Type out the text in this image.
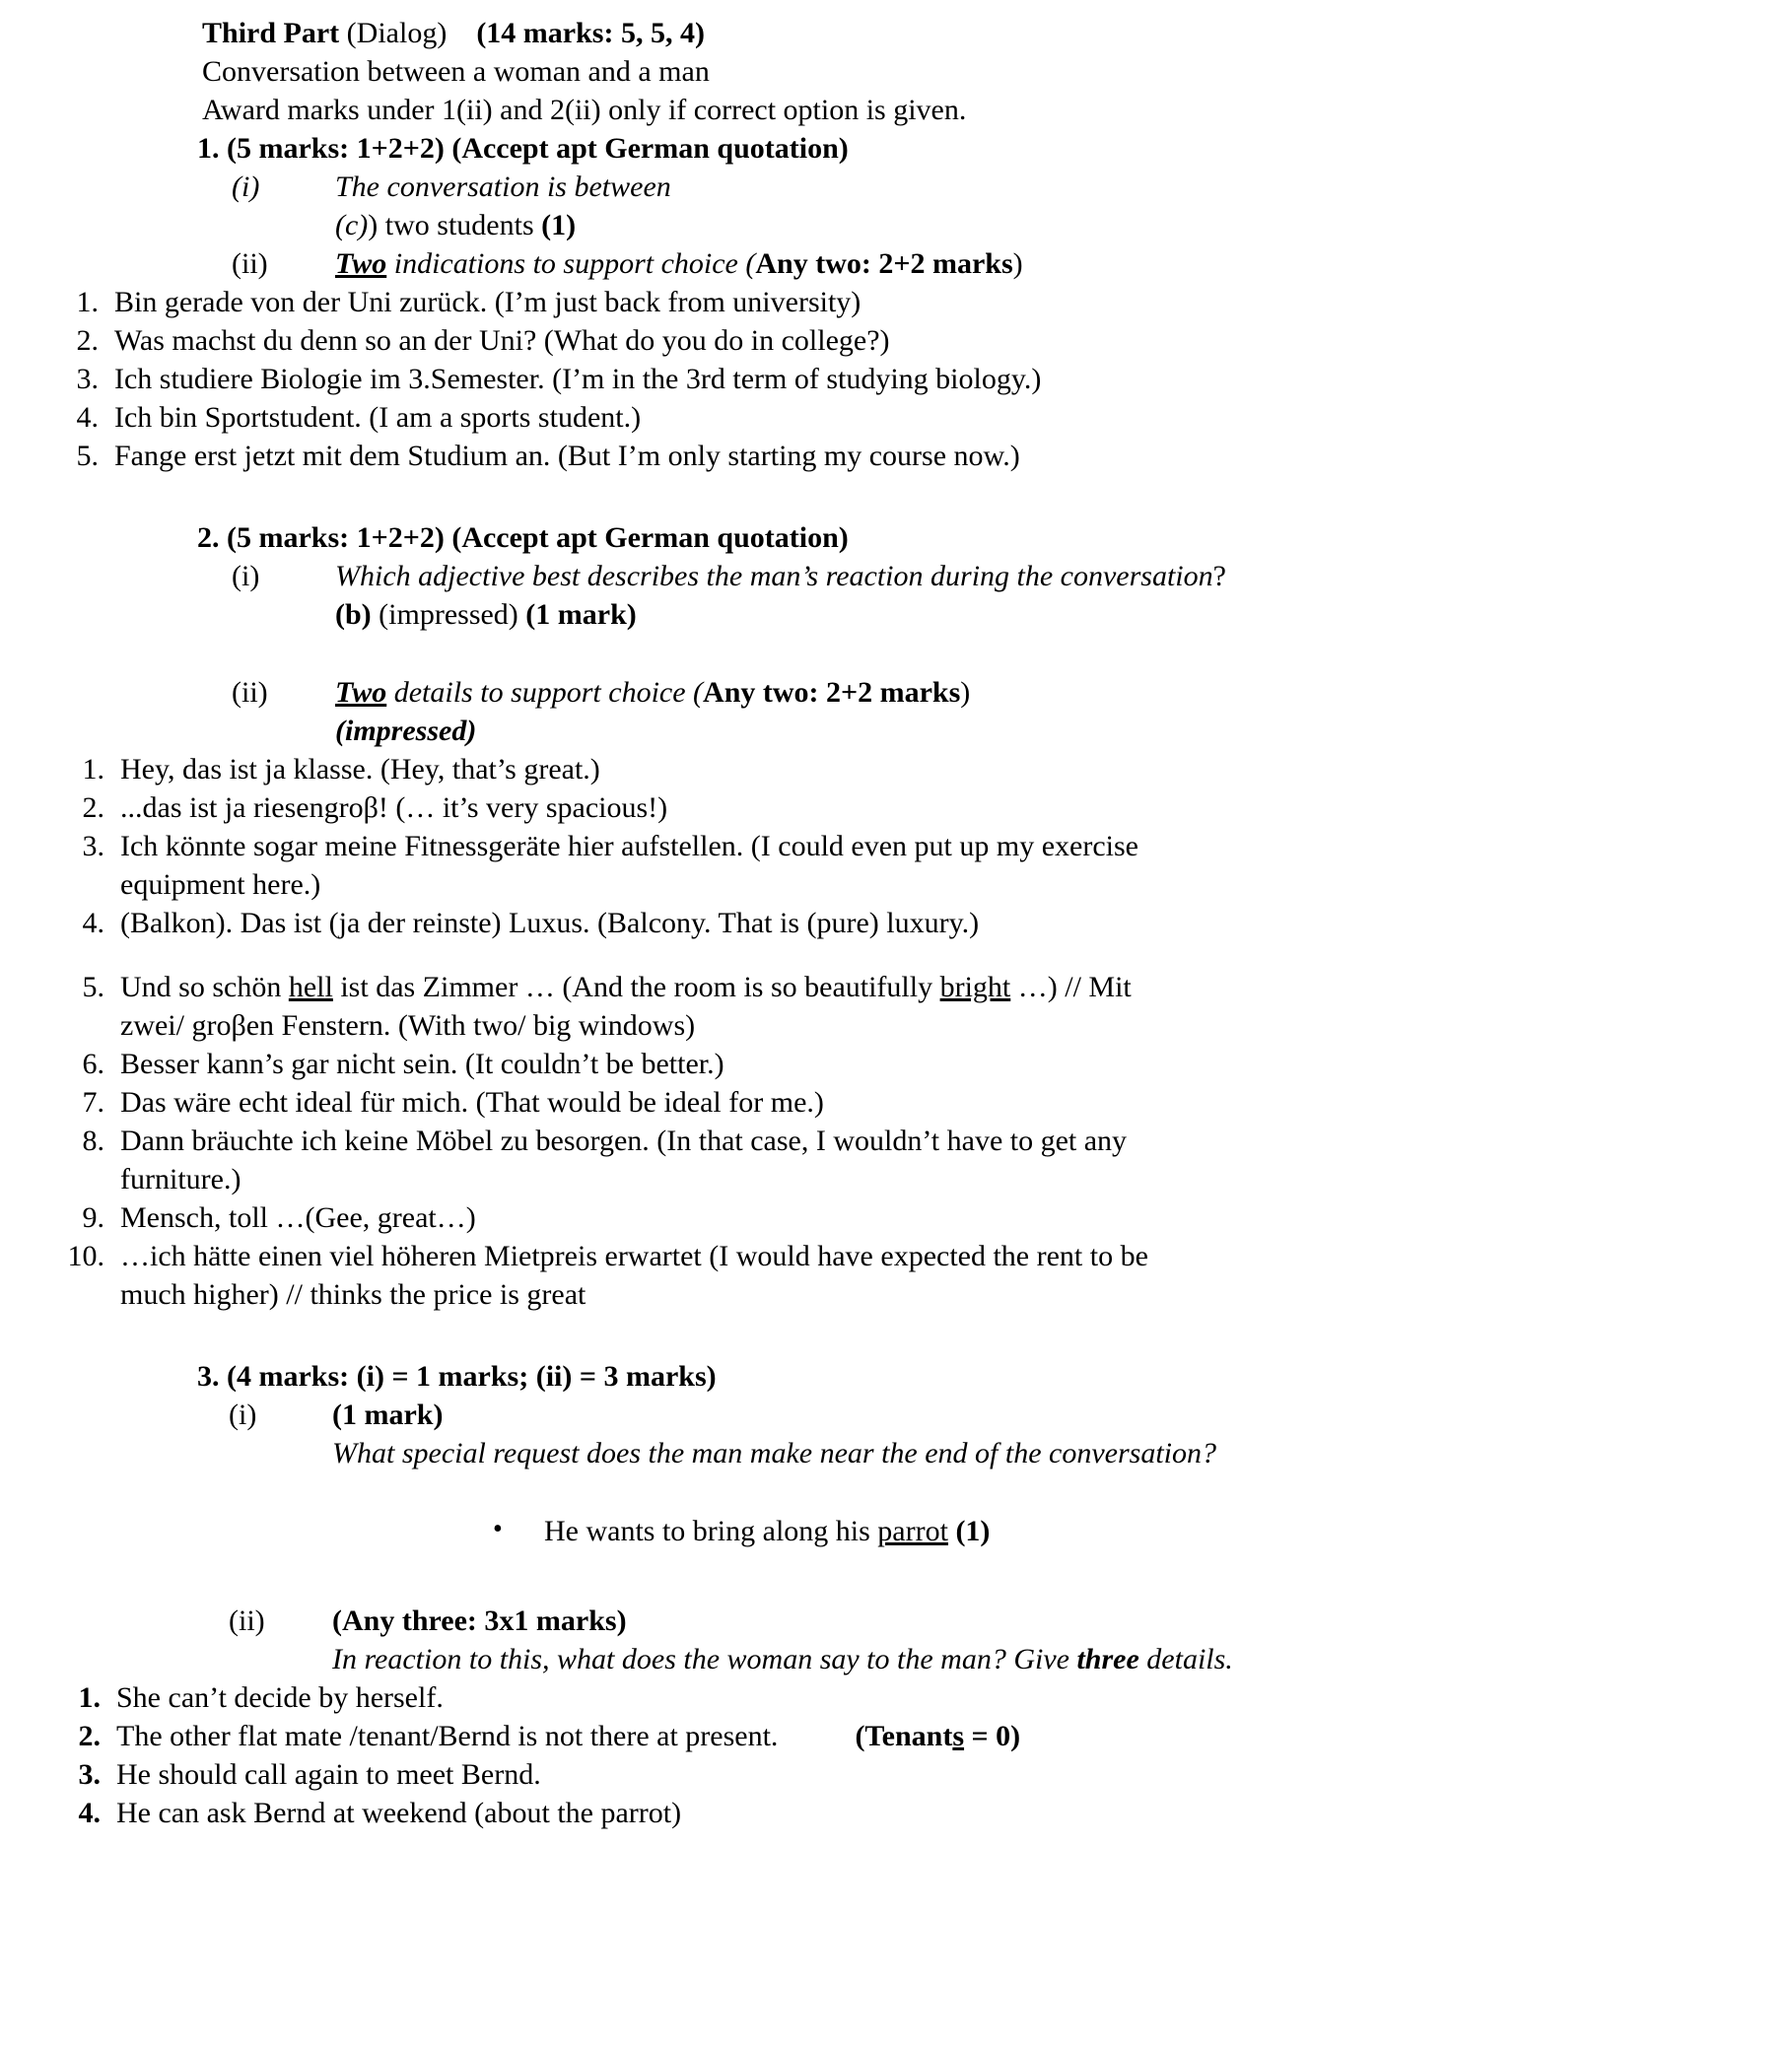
Third Part (Dialog) (14 marks: 5, 5, 4)
Conversation between a woman and a man
Award marks under 1(ii) and 2(ii) only if correct option is given.
1. (5 marks: 1+2+2) (Accept apt German quotation)
(i)	The conversation is between
(c)) two students (1)
(ii)	Two indications to support choice (Any two: 2+2 marks)
1. Bin gerade von der Uni zurück. (I’m just back from university)
2. Was machst du denn so an der Uni? (What do you do in college?)
3. Ich studiere Biologie im 3.Semester. (I’m in the 3rd term of studying biology.)
4. Ich bin Sportstudent. (I am a sports student.)
5. Fange erst jetzt mit dem Studium an. (But I’m only starting my course now.)
2. (5 marks: 1+2+2) (Accept apt German quotation)
(i)	Which adjective best describes the man’s reaction during the conversation?
(b) (impressed) (1 mark)
(ii)	Two details to support choice (Any two: 2+2 marks)
(impressed)
1. Hey, das ist ja klasse. (Hey, that’s great.)
2. ...das ist ja riesengroβ! (… it’s very spacious!)
3. Ich könnte sogar meine Fitnessgeräte hier aufstellen. (I could even put up my exercise equipment here.)
4. (Balkon). Das ist (ja der reinste) Luxus. (Balcony. That is (pure) luxury.)
5. Und so schön hell ist das Zimmer … (And the room is so beautifully bright …) // Mit zwei/ groβen Fenstern. (With two/ big windows)
6. Besser kann’s gar nicht sein. (It couldn’t be better.)
7. Das wäre echt ideal für mich. (That would be ideal for me.)
8. Dann bräuchte ich keine Möbel zu besorgen. (In that case, I wouldn’t have to get any furniture.)
9. Mensch, toll …(Gee, great…)
10. …ich hätte einen viel höheren Mietpreis erwartet (I would have expected the rent to be much higher) // thinks the price is great
3. (4 marks: (i) = 1 marks; (ii) = 3 marks)
(i)	(1 mark)
What special request does the man make near the end of the conversation?
•	He wants to bring along his parrot (1)
(ii)	(Any three: 3x1 marks)
In reaction to this, what does the woman say to the man? Give three details.
1. She can’t decide by herself.
2. The other flat mate /tenant/Bernd is not there at present.	(Tenants = 0)
3. He should call again to meet Bernd.
4. He can ask Bernd at weekend (about the parrot)
